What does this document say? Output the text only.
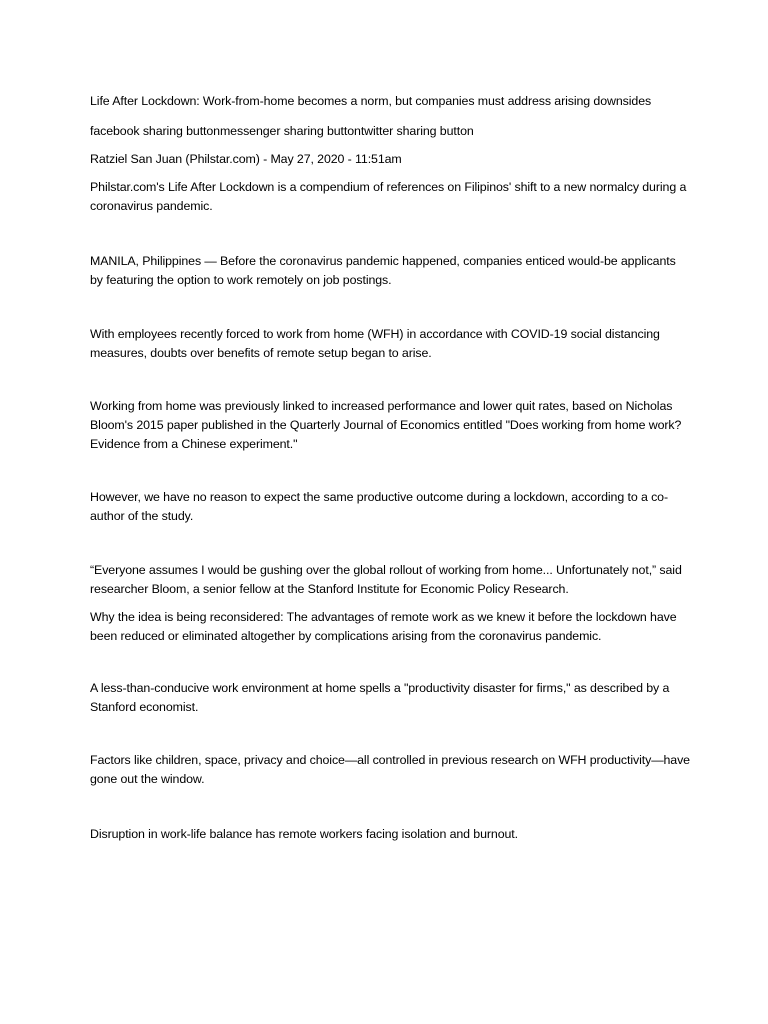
Life After Lockdown: Work-from-home becomes a norm, but companies must address arising downsides

facebook sharing buttonmessenger sharing buttontwitter sharing button

Ratziel San Juan (Philstar.com) - May 27, 2020 - 11:51am

Philstar.com's Life After Lockdown is a compendium of references on Filipinos' shift to a new normalcy during a coronavirus pandemic.

MANILA, Philippines — Before the coronavirus pandemic happened, companies enticed would-be applicants by featuring the option to work remotely on job postings.

With employees recently forced to work from home (WFH) in accordance with COVID-19 social distancing measures, doubts over benefits of remote setup began to arise.

Working from home was previously linked to increased performance and lower quit rates, based on Nicholas Bloom's 2015 paper published in the Quarterly Journal of Economics entitled "Does working from home work? Evidence from a Chinese experiment."

However, we have no reason to expect the same productive outcome during a lockdown, according to a co-author of the study.

“Everyone assumes I would be gushing over the global rollout of working from home... Unfortunately not,” said researcher Bloom, a senior fellow at the Stanford Institute for Economic Policy Research.

Why the idea is being reconsidered: The advantages of remote work as we knew it before the lockdown have been reduced or eliminated altogether by complications arising from the coronavirus pandemic.

A less-than-conducive work environment at home spells a "productivity disaster for firms," as described by a Stanford economist.

Factors like children, space, privacy and choice—all controlled in previous research on WFH productivity—have gone out the window.

Disruption in work-life balance has remote workers facing isolation and burnout.
